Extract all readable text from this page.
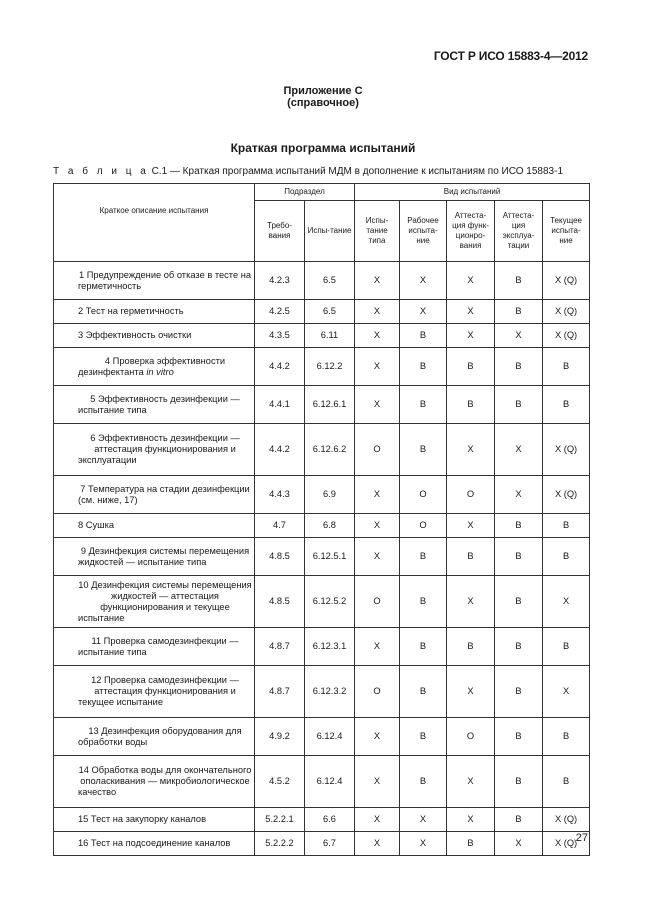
ГОСТ Р ИСО 15883-4—2012
Приложение С
(справочное)
Краткая программа испытаний
Т а б л и ц а С.1 — Краткая программа испытаний МДМ в дополнение к испытаниям по ИСО 15883-1
Краткое описание испытания	Подраздел		Вид испытаний				
	Требо-вания	Испы-тание	Испы-тание типа	Рабочее испыта-ние	Аттеста-ция функ-ционро-вания	Аттеста-ция эксплуа-тации	Текущее испыта-ние

1 Предупреждение об отказе в тесте на герметичность	4.2.3	6.5	X	X	X	В	X (Q)

2 Тест на герметичность	4.2.5	6.5	X	X	X	В	X (Q)

3 Эффективность очистки	4.3.5	6.11	X	В	X	X	X (Q)

4 Проверка эффективности дезинфектанта in vitro	4.4.2	6.12.2	X	В	В	В	В

5 Эффективность дезинфекции — испытание типа	4.4.1	6.12.6.1	X	В	В	В	В

6 Эффективность дезинфекции — аттестация функционирования и эксплуатации	4.4.2	6.12.6.2	O	В	X	X	X (Q)

7 Температура на стадии дезинфекции (см. ниже, 17)	4.4.3	6.9	X	O	O	X	X (Q)

8 Сушка	4.7	6.8	X	O	X	В	В

9 Дезинфекция системы перемещения жидкостей — испытание типа	4.8.5	6.12.5.1	X	В	В	В	В

10 Дезинфекция системы перемещения жидкостей — аттестация функционирования и текущее испытание	4.8.5	6.12.5.2	O	В	X	В	X

11 Проверка самодезинфекции — испытание типа	4.8.7	6.12.3.1	X	В	В	В	В

12 Проверка самодезинфекции — аттестация функционирования и текущее испытание	4.8.7	6.12.3.2	O	В	X	В	X

13 Дезинфекция оборудования для обработки воды	4.9.2	6.12.4	X	В	O	В	В

14 Обработка воды для окончательного ополаскивания — микробиологическое качество	4.5.2	6.12.4	X	В	X	В	В

15 Тест на закупорку каналов	5.2.2.1	6.6	X	X	X	В	X (Q)

16 Тест на подсоединение каналов	5.2.2.2	6.7	X	X	В	X	X (Q)
27
